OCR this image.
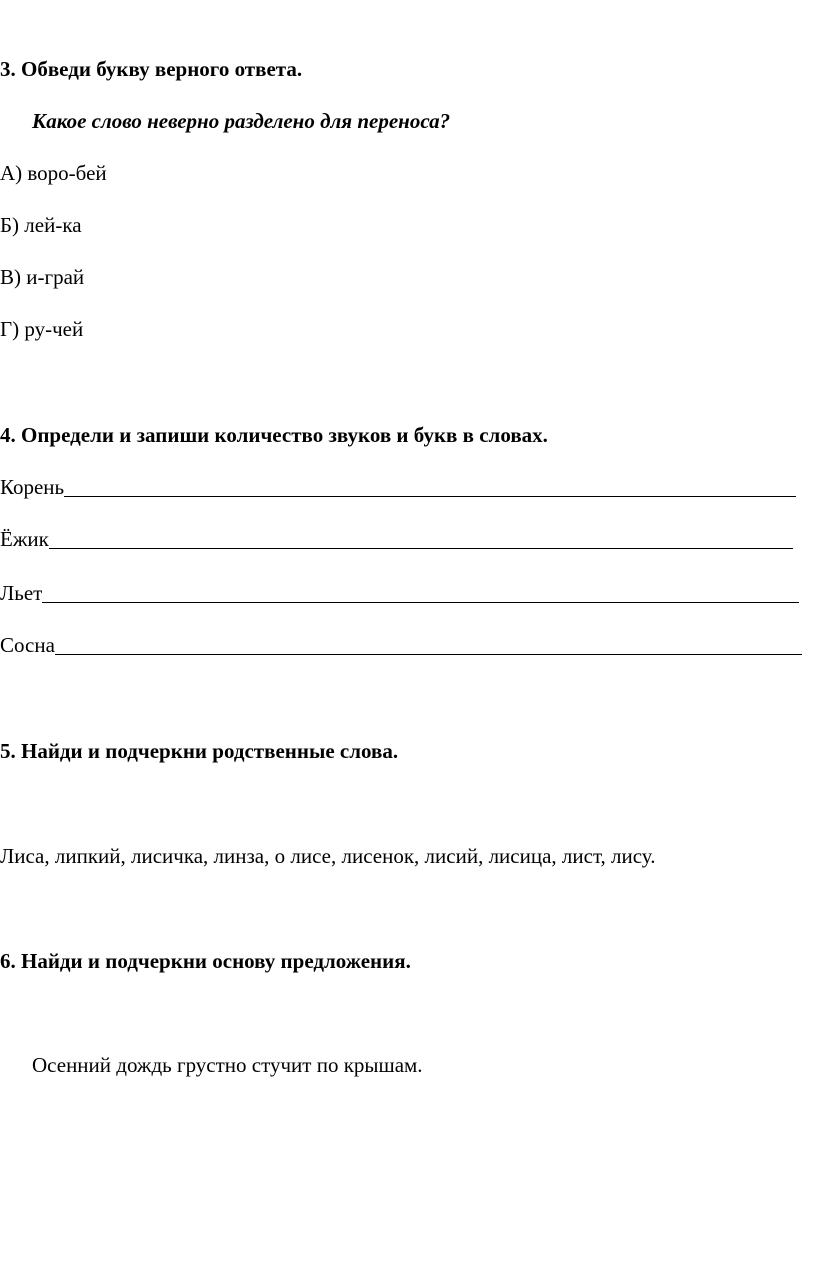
3. Обведи букву верного ответа.
Какое слово неверно разделено для переноса?
А) воро-бей
Б) лей-ка
В) и-грай
Г) ру-чей
4. Определи и запиши количество звуков и букв в словах.
Корень
Ёжик
Льет
Сосна
5. Найди и подчеркни родственные слова.
Лиса, липкий, лисичка, линза, о лисе, лисенок, лисий, лисица, лист, лису.
6. Найди и подчеркни основу предложения.
Осенний дождь грустно стучит по крышам.
